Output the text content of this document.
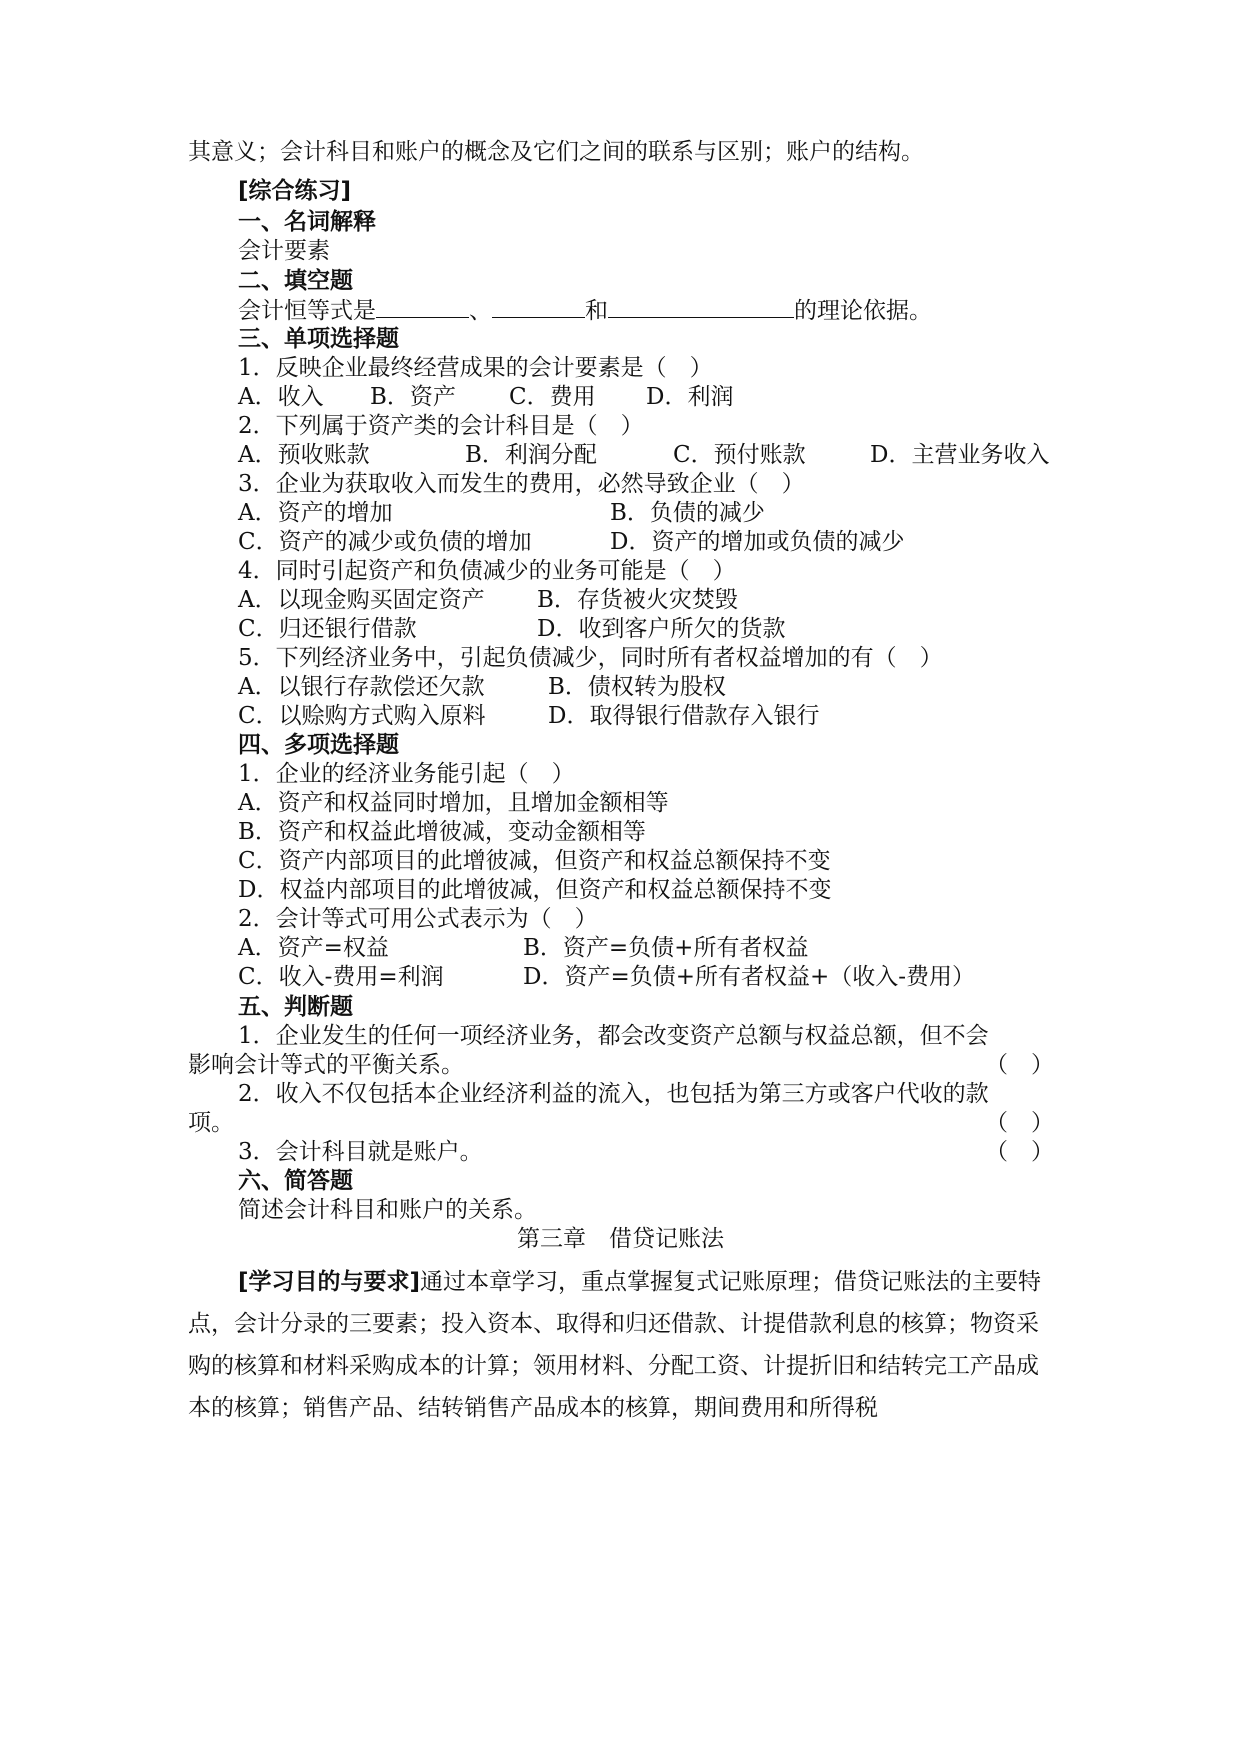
其意义；会计科目和账户的概念及它们之间的联系与区别；账户的结构。
[综合练习]
一、名词解释
会计要素
二、填空题
会计恒等式是	、	和	的理论依据。
三、单项选择题
1．反映企业最终经营成果的会计要素是（　）
A．收入 B．资产 C．费用 D．利润
2．下列属于资产类的会计科目是（　）
A．预收账款	B．利润分配	C．预付账款	D．主营业务收入
3．企业为获取收入而发生的费用，必然导致企业（　）
A．资产的增加	B．负债的减少
C．资产的减少或负债的增加	D．资产的增加或负债的减少
4．同时引起资产和负债减少的业务可能是（　）
A．以现金购买固定资产 B．存货被火灾焚毁
C．归还银行借款	D．收到客户所欠的货款
5．下列经济业务中，引起负债减少，同时所有者权益增加的有（　）
A．以银行存款偿还欠款	B．债权转为股权
C．以赊购方式购入原料	D．取得银行借款存入银行
四、多项选择题
1．企业的经济业务能引起（　）
A．资产和权益同时增加，且增加金额相等
B．资产和权益此增彼减，变动金额相等
C．资产内部项目的此增彼减，但资产和权益总额保持不变
D．权益内部项目的此增彼减，但资产和权益总额保持不变
2．会计等式可用公式表示为（　）
A．资产=权益	B．资产=负债+所有者权益
C．收入-费用=利润	D．资产=负债+所有者权益+（收入-费用）
五、判断题
1．企业发生的任何一项经济业务，都会改变资产总额与权益总额，但不会
影响会计等式的平衡关系。	（　）
2．收入不仅包括本企业经济利益的流入，也包括为第三方或客户代收的款
项。	（　）
3．会计科目就是账户。	（　）
六、简答题
简述会计科目和账户的关系。
第三章　借贷记账法
[学习目的与要求]通过本章学习，重点掌握复式记账原理；借贷记账法的主要特点，会计分录的三要素；投入资本、取得和归还借款、计提借款利息的核算；物资采购的核算和材料采购成本的计算；领用材料、分配工资、计提折旧和结转完工产品成本的核算；销售产品、结转销售产品成本的核算，期间费用和所得税
